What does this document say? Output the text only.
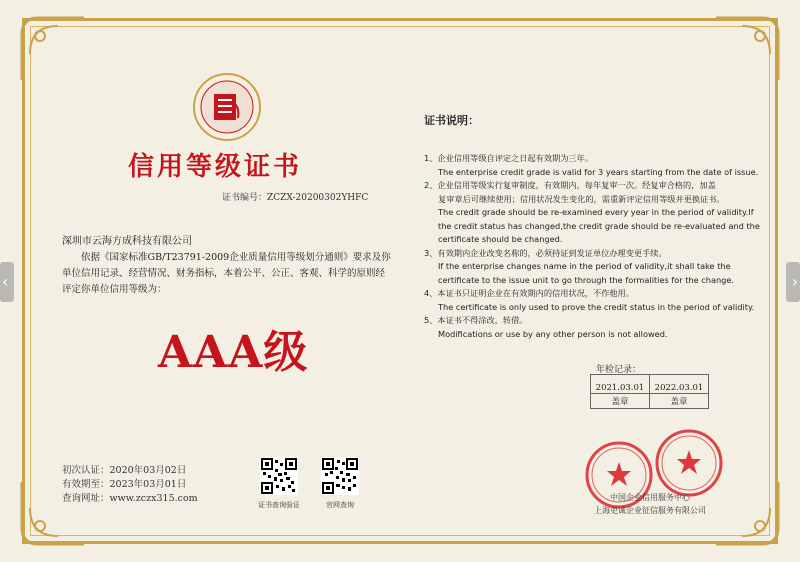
‹	›
信用等级证书
证书编号：ZCZX-20200302YHFC
深圳市云海方成科技有限公司
依据《国家标准GB/T23791-2009企业质量信用等级划分通则》要求及你单位信用记录、经营情况、财务指标，本着公平、公正、客观、科学的原则经评定你单位信用等级为：
AAA级
初次认证：2020年03月02日
有效期至：2023年03月01日
查询网址：www.zczx315.com
证书查询验证	官网查询
证书说明：
1、企业信用等级自评定之日起有效期为三年。
The enterprise credit grade is valid for 3 years starting from the date of issue.
2、企业信用等级实行复审制度，有效期内，每年复审一次。经复审合格的，加盖
复审章后可继续使用；信用状况发生变化的，需重新评定信用等级并更换证书。
The credit grade should be re-examined every year in the period of validity.If the credit status has changed,the credit grade should be re-evaluated and the certificate should be changed.
3、有效期内企业改变名称的，必须持证到发证单位办理变更手续。
If the enterprise changes name in the period of validity,it shall take the certificate to the issue unit to go through the formalities for the change.
4、本证书只证明企业在有效期内的信用状况，不作他用。
The certificate is only used to prove the credit status in the period of validity.
5、本证书不得涂改，转借。
Modifications or use by any other person is not allowed.
年检记录：
2021.03.01	2022.03.01
盖章	盖章
中国企业信用服务中心
上海吏诚企业征信服务有限公司
